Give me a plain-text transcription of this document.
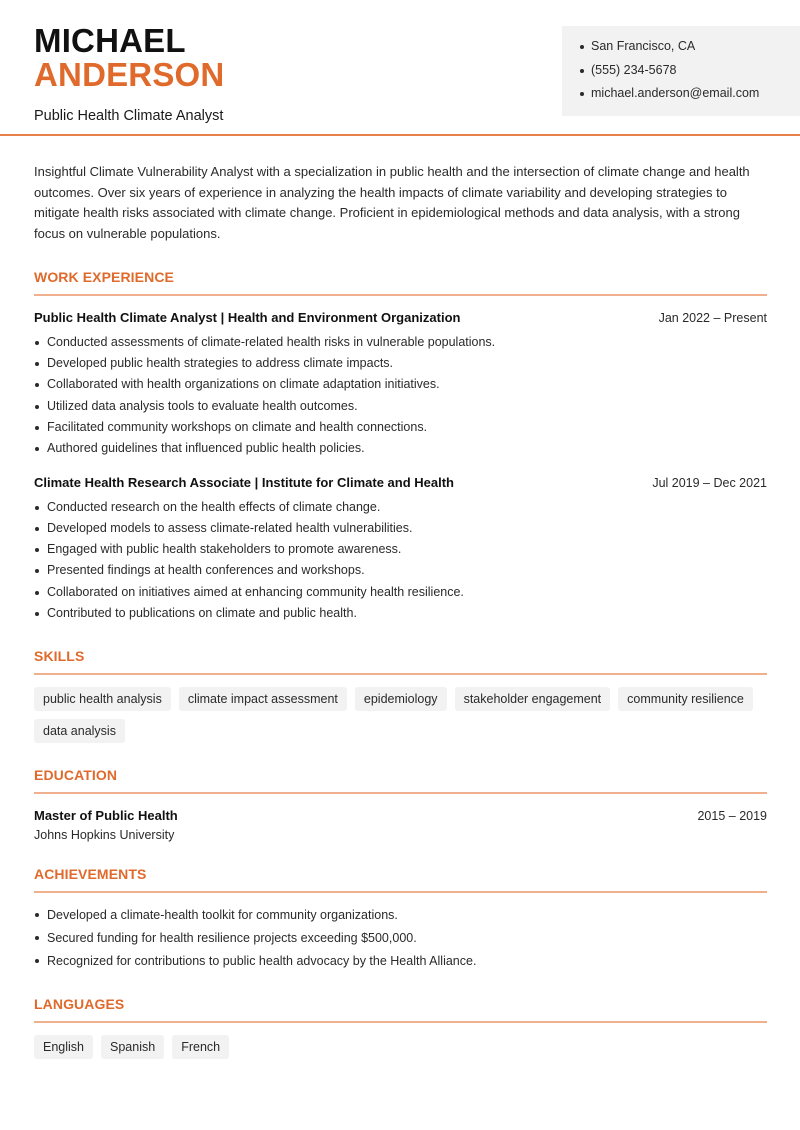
MICHAEL
ANDERSON
Public Health Climate Analyst
San Francisco, CA
(555) 234-5678
michael.anderson@email.com

Insightful Climate Vulnerability Analyst with a specialization in public health and the intersection of climate change and health outcomes. Over six years of experience in analyzing the health impacts of climate variability and developing strategies to mitigate health risks associated with climate change. Proficient in epidemiological methods and data analysis, with a strong focus on vulnerable populations.

WORK EXPERIENCE
Public Health Climate Analyst | Health and Environment Organization	Jan 2022 – Present
Conducted assessments of climate-related health risks in vulnerable populations.
Developed public health strategies to address climate impacts.
Collaborated with health organizations on climate adaptation initiatives.
Utilized data analysis tools to evaluate health outcomes.
Facilitated community workshops on climate and health connections.
Authored guidelines that influenced public health policies.
Climate Health Research Associate | Institute for Climate and Health	Jul 2019 – Dec 2021
Conducted research on the health effects of climate change.
Developed models to assess climate-related health vulnerabilities.
Engaged with public health stakeholders to promote awareness.
Presented findings at health conferences and workshops.
Collaborated on initiatives aimed at enhancing community health resilience.
Contributed to publications on climate and public health.
SKILLS
public health analysis	climate impact assessment	epidemiology	stakeholder engagement	community resilience
data analysis
EDUCATION
Master of Public Health	2015 – 2019
Johns Hopkins University
ACHIEVEMENTS
Developed a climate-health toolkit for community organizations.
Secured funding for health resilience projects exceeding $500,000.
Recognized for contributions to public health advocacy by the Health Alliance.
LANGUAGES
English	Spanish	French
